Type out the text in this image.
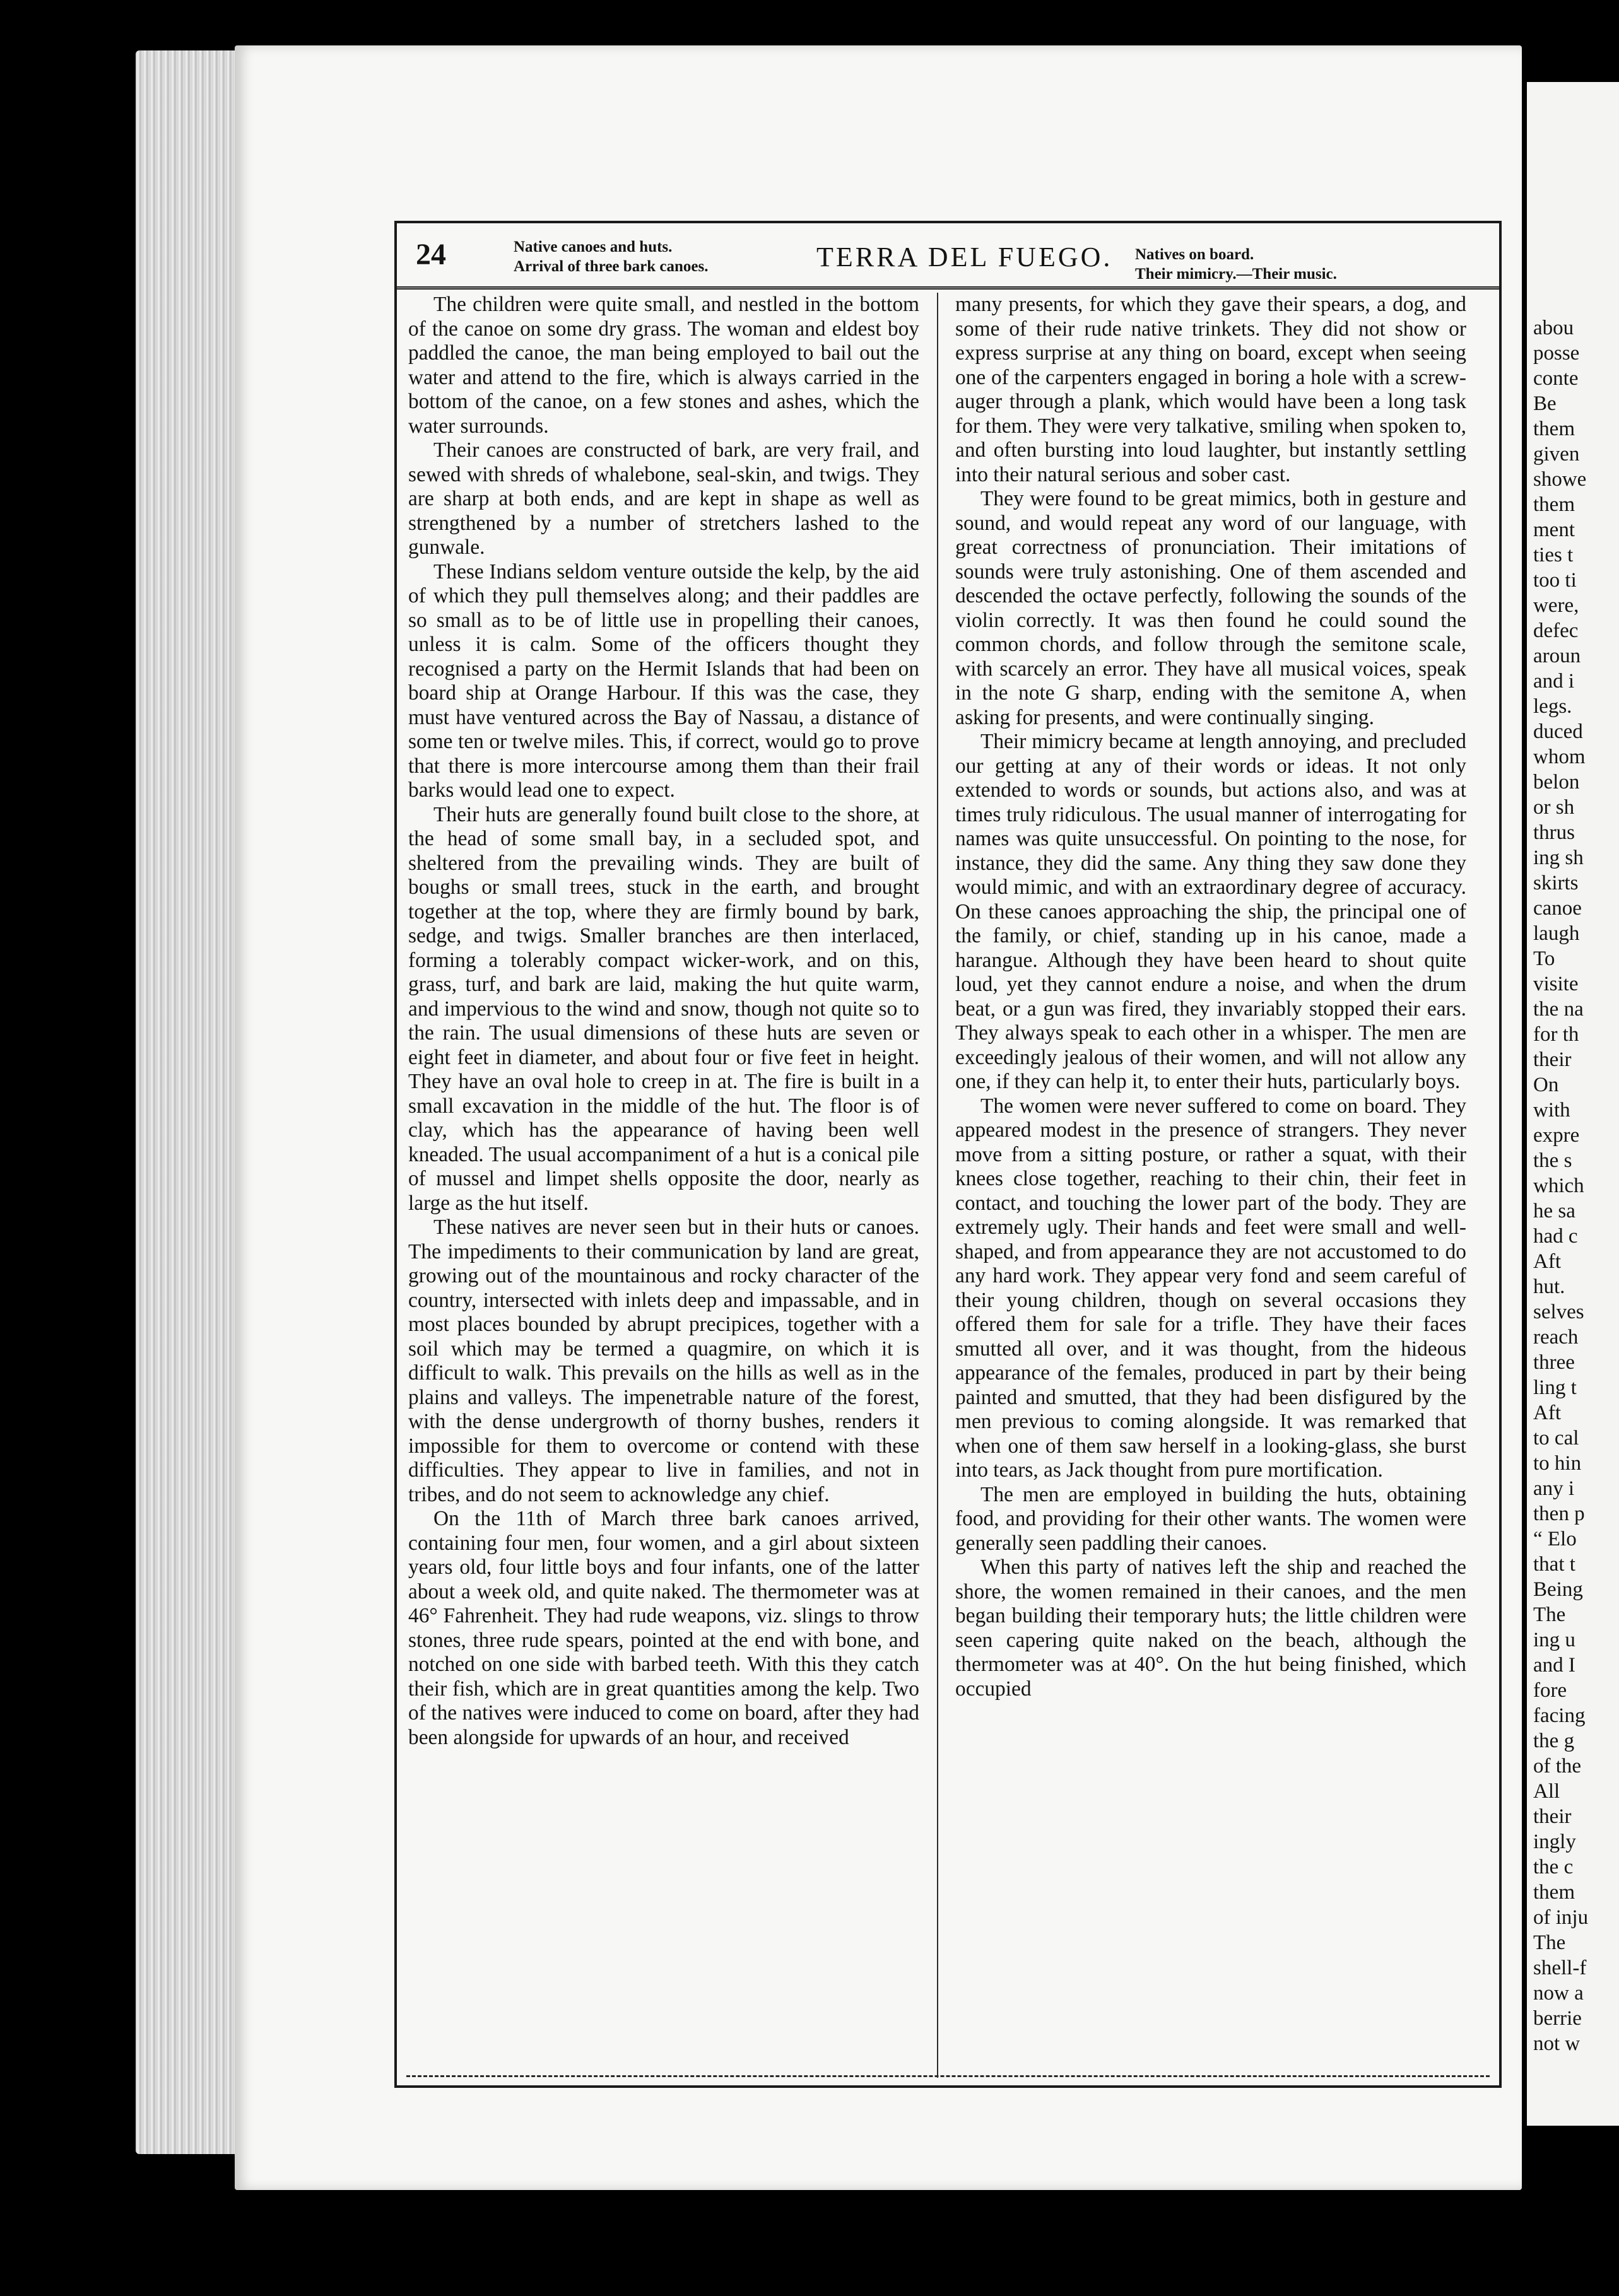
abou
posse
conte
Be
them
given
showe
them
ment
ties t
too ti
were,
defec
aroun
and i
legs.
duced
whom
belon
or sh
thrus
ing sh
skirts
canoe
laugh
To
visite
the na
for th
their
On
with
expre
the s
which
he sa
had c
Aft
hut.
selves
reach
three
ling t
Aft
to cal
to hin
any i
then p
“ Elo
that t
Being
The
ing u
and I
fore
facing
the g
of the
All
their
ingly
the c
them
of inju
The
shell-f
now a
berrie
not w
24	Native canoes and huts.
Arrival of three bark canoes.	TERRA DEL FUEGO. Natives on board.
Their mimicry.—Their music.

The children were quite small, and nestled in the bottom of the canoe on some dry grass. The woman and eldest boy paddled the canoe, the man being employed to bail out the water and attend to the fire, which is always carried in the bottom of the canoe, on a few stones and ashes, which the water surrounds.

Their canoes are constructed of bark, are very frail, and sewed with shreds of whalebone, seal-skin, and twigs. They are sharp at both ends, and are kept in shape as well as strengthened by a number of stretchers lashed to the gunwale.

These Indians seldom venture outside the kelp, by the aid of which they pull themselves along; and their paddles are so small as to be of little use in propelling their canoes, unless it is calm. Some of the officers thought they recognised a party on the Hermit Islands that had been on board ship at Orange Harbour. If this was the case, they must have ventured across the Bay of Nassau, a distance of some ten or twelve miles. This, if correct, would go to prove that there is more intercourse among them than their frail barks would lead one to expect.

Their huts are generally found built close to the shore, at the head of some small bay, in a secluded spot, and sheltered from the prevailing winds. They are built of boughs or small trees, stuck in the earth, and brought together at the top, where they are firmly bound by bark, sedge, and twigs. Smaller branches are then interlaced, forming a tolerably compact wicker-work, and on this, grass, turf, and bark are laid, making the hut quite warm, and impervious to the wind and snow, though not quite so to the rain. The usual dimensions of these huts are seven or eight feet in diameter, and about four or five feet in height. They have an oval hole to creep in at. The fire is built in a small excavation in the middle of the hut. The floor is of clay, which has the appearance of having been well kneaded. The usual accompaniment of a hut is a conical pile of mussel and limpet shells opposite the door, nearly as large as the hut itself.

These natives are never seen but in their huts or canoes. The impediments to their communication by land are great, growing out of the mountainous and rocky character of the country, intersected with inlets deep and impassable, and in most places bounded by abrupt precipices, together with a soil which may be termed a quagmire, on which it is difficult to walk. This prevails on the hills as well as in the plains and valleys. The impenetrable nature of the forest, with the dense undergrowth of thorny bushes, renders it impossible for them to overcome or contend with these difficulties. They appear to live in families, and not in tribes, and do not seem to acknowledge any chief.

On the 11th of March three bark canoes arrived, containing four men, four women, and a girl about sixteen years old, four little boys and four infants, one of the latter about a week old, and quite naked. The thermometer was at 46° Fahrenheit. They had rude weapons, viz. slings to throw stones, three rude spears, pointed at the end with bone, and notched on one side with barbed teeth. With this they catch their fish, which are in great quantities among the kelp. Two of the natives were induced to come on board, after they had been alongside for upwards of an hour, and received

many presents, for which they gave their spears, a dog, and some of their rude native trinkets. They did not show or express surprise at any thing on board, except when seeing one of the carpenters engaged in boring a hole with a screw-auger through a plank, which would have been a long task for them. They were very talkative, smiling when spoken to, and often bursting into loud laughter, but instantly settling into their natural serious and sober cast.

They were found to be great mimics, both in gesture and sound, and would repeat any word of our language, with great correctness of pronunciation. Their imitations of sounds were truly astonishing. One of them ascended and descended the octave perfectly, following the sounds of the violin correctly. It was then found he could sound the common chords, and follow through the semitone scale, with scarcely an error. They have all musical voices, speak in the note G sharp, ending with the semitone A, when asking for presents, and were continually singing.

Their mimicry became at length annoying, and precluded our getting at any of their words or ideas. It not only extended to words or sounds, but actions also, and was at times truly ridiculous. The usual manner of interrogating for names was quite unsuccessful. On pointing to the nose, for instance, they did the same. Any thing they saw done they would mimic, and with an extraordinary degree of accuracy. On these canoes approaching the ship, the principal one of the family, or chief, standing up in his canoe, made a harangue. Although they have been heard to shout quite loud, yet they cannot endure a noise, and when the drum beat, or a gun was fired, they invariably stopped their ears. They always speak to each other in a whisper. The men are exceedingly jealous of their women, and will not allow any one, if they can help it, to enter their huts, particularly boys.

The women were never suffered to come on board. They appeared modest in the presence of strangers. They never move from a sitting posture, or rather a squat, with their knees close together, reaching to their chin, their feet in contact, and touching the lower part of the body. They are extremely ugly. Their hands and feet were small and well-shaped, and from appearance they are not accustomed to do any hard work. They appear very fond and seem careful of their young children, though on several occasions they offered them for sale for a trifle. They have their faces smutted all over, and it was thought, from the hideous appearance of the females, produced in part by their being painted and smutted, that they had been disfigured by the men previous to coming alongside. It was remarked that when one of them saw herself in a looking-glass, she burst into tears, as Jack thought from pure mortification.

The men are employed in building the huts, obtaining food, and providing for their other wants. The women were generally seen paddling their canoes.

When this party of natives left the ship and reached the shore, the women remained in their canoes, and the men began building their temporary huts; the little children were seen capering quite naked on the beach, although the thermometer was at 40°. On the hut being finished, which occupied
